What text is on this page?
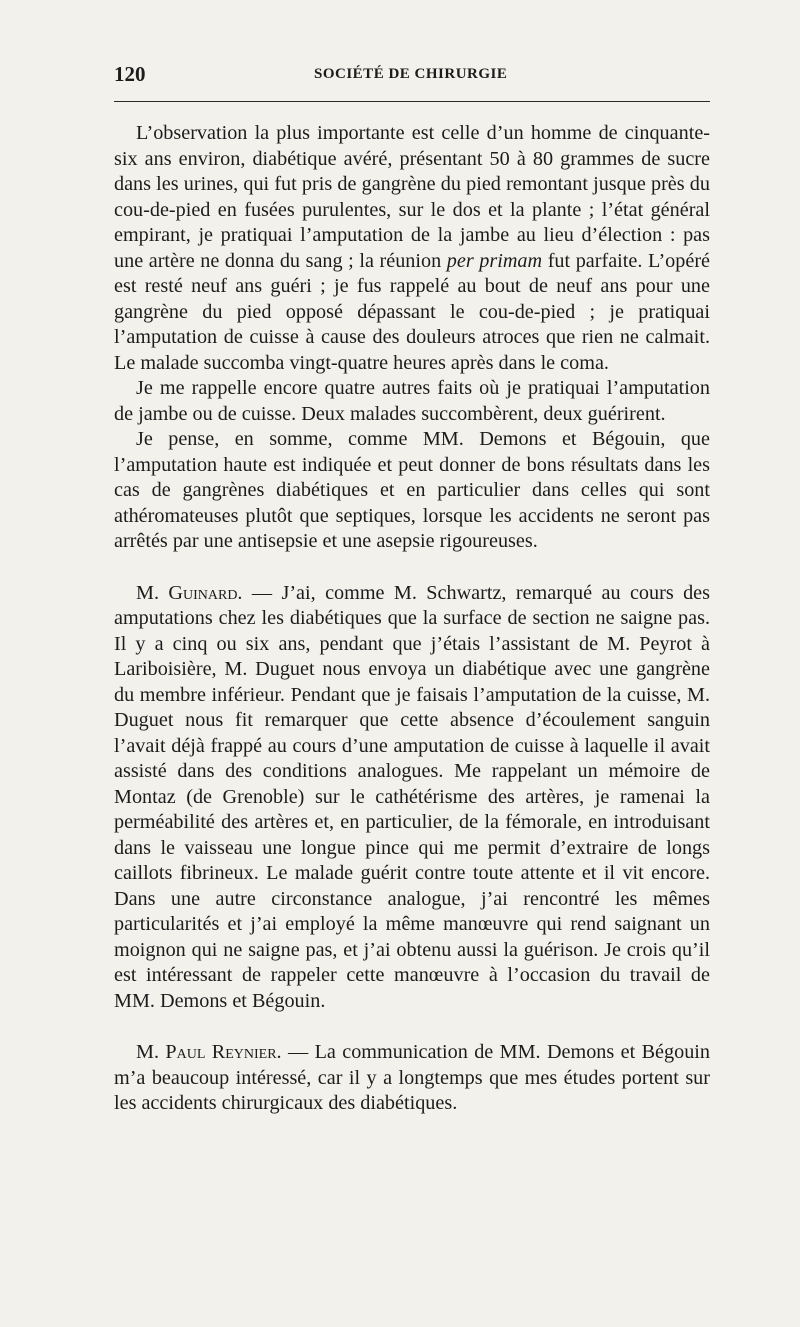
120	SOCIÉTÉ DE CHIRURGIE

L’observation la plus importante est celle d’un homme de cinquante-six ans environ, diabétique avéré, présentant 50 à 80 grammes de sucre dans les urines, qui fut pris de gangrène du pied remontant jusque près du cou-de-pied en fusées purulentes, sur le dos et la plante ; l’état général empirant, je pratiquai l’amputation de la jambe au lieu d’élection : pas une artère ne donna du sang ; la réunion per primam fut parfaite. L’opéré est resté neuf ans guéri ; je fus rappelé au bout de neuf ans pour une gangrène du pied opposé dépassant le cou-de-pied ; je pratiquai l’amputation de cuisse à cause des douleurs atroces que rien ne calmait. Le malade succomba vingt-quatre heures après dans le coma.

Je me rappelle encore quatre autres faits où je pratiquai l’amputation de jambe ou de cuisse. Deux malades succombèrent, deux guérirent.

Je pense, en somme, comme MM. Demons et Bégouin, que l’amputation haute est indiquée et peut donner de bons résultats dans les cas de gangrènes diabétiques et en particulier dans celles qui sont athéromateuses plutôt que septiques, lorsque les accidents ne seront pas arrêtés par une antisepsie et une asepsie rigoureuses.

M. Guinard. — J’ai, comme M. Schwartz, remarqué au cours des amputations chez les diabétiques que la surface de section ne saigne pas. Il y a cinq ou six ans, pendant que j’étais l’assistant de M. Peyrot à Lariboisière, M. Duguet nous envoya un diabétique avec une gangrène du membre inférieur. Pendant que je faisais l’amputation de la cuisse, M. Duguet nous fit remarquer que cette absence d’écoulement sanguin l’avait déjà frappé au cours d’une amputation de cuisse à laquelle il avait assisté dans des conditions analogues. Me rappelant un mémoire de Montaz (de Grenoble) sur le cathétérisme des artères, je ramenai la perméabilité des artères et, en particulier, de la fémorale, en introduisant dans le vaisseau une longue pince qui me permit d’extraire de longs caillots fibrineux. Le malade guérit contre toute attente et il vit encore. Dans une autre circonstance analogue, j’ai rencontré les mêmes particularités et j’ai employé la même manœuvre qui rend saignant un moignon qui ne saigne pas, et j’ai obtenu aussi la guérison. Je crois qu’il est intéressant de rappeler cette manœuvre à l’occasion du travail de MM. Demons et Bégouin.

M. Paul Reynier. — La communication de MM. Demons et Bégouin m’a beaucoup intéressé, car il y a longtemps que mes études portent sur les accidents chirurgicaux des diabétiques.
